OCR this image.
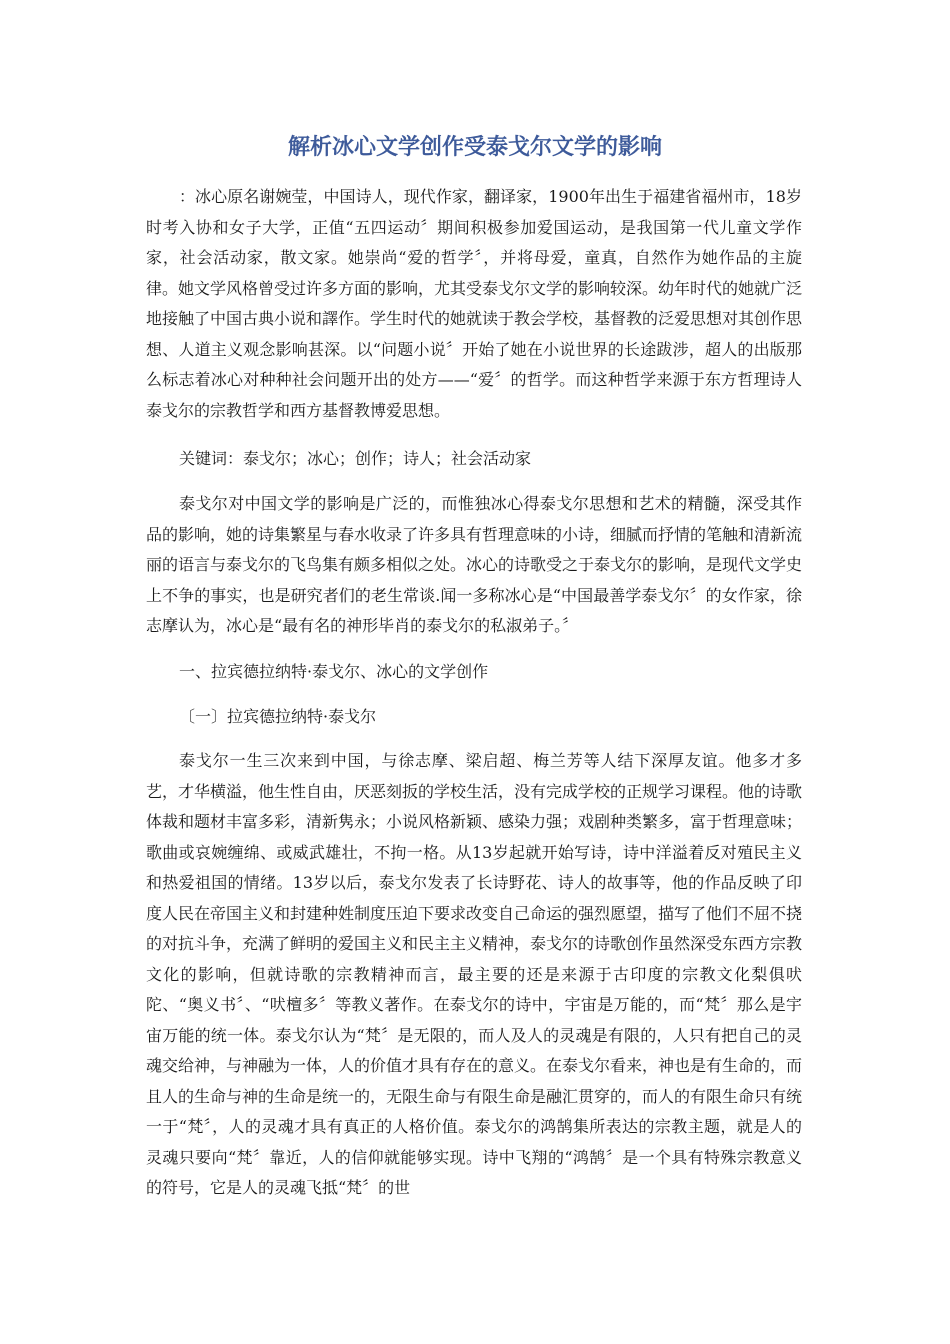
解析冰心文学创作受泰戈尔文学的影响

：冰心原名谢婉莹，中国诗人，现代作家，翻译家，1900年出生于福建省福州市，18岁时考入协和女子大学，正值“五四运动〞期间积极参加爱国运动，是我国第一代儿童文学作家，社会活动家，散文家。她崇尚“爱的哲学〞，并将母爱，童真，自然作为她作品的主旋律。她文学风格曾受过许多方面的影响，尤其受泰戈尔文学的影响较深。幼年时代的她就广泛地接触了中国古典小说和譯作。学生时代的她就读于教会学校，基督教的泛爱思想对其创作思想、人道主义观念影响甚深。以“问题小说〞开始了她在小说世界的长途跋涉，超人的出版那么标志着冰心对种种社会问题开出的处方——“爱〞的哲学。而这种哲学来源于东方哲理诗人泰戈尔的宗教哲学和西方基督教博爱思想。

关键词：泰戈尔；冰心；创作；诗人；社会活动家

泰戈尔对中国文学的影响是广泛的，而惟独冰心得泰戈尔思想和艺术的精髓，深受其作品的影响，她的诗集繁星与春水收录了许多具有哲理意味的小诗，细腻而抒情的笔触和清新流丽的语言与泰戈尔的飞鸟集有颇多相似之处。冰心的诗歌受之于泰戈尔的影响，是现代文学史上不争的事实，也是研究者们的老生常谈.闻一多称冰心是“中国最善学泰戈尔〞的女作家，徐志摩认为，冰心是“最有名的神形毕肖的泰戈尔的私淑弟子。〞

一、拉宾德拉纳特·泰戈尔、冰心的文学创作

〔一〕拉宾德拉纳特·泰戈尔

泰戈尔一生三次来到中国，与徐志摩、梁启超、梅兰芳等人结下深厚友谊。他多才多艺，才华横溢，他生性自由，厌恶刻扳的学校生活，没有完成学校的正规学习课程。他的诗歌体裁和题材丰富多彩，清新隽永；小说风格新颖、感染力强；戏剧种类繁多，富于哲理意味；歌曲或哀婉缠绵、或威武雄壮，不拘一格。从13岁起就开始写诗，诗中洋溢着反对殖民主义和热爱祖国的情绪。13岁以后，泰戈尔发表了长诗野花、诗人的故事等，他的作品反映了印度人民在帝国主义和封建种姓制度压迫下要求改变自己命运的强烈愿望，描写了他们不屈不挠的对抗斗争，充满了鲜明的爱国主义和民主主义精神，泰戈尔的诗歌创作虽然深受东西方宗教文化的影响，但就诗歌的宗教精神而言，最主要的还是来源于古印度的宗教文化梨俱吠陀、“奥义书〞、“吠檀多〞等教义著作。在泰戈尔的诗中，宇宙是万能的，而“梵〞那么是宇宙万能的统一体。泰戈尔认为“梵〞是无限的，而人及人的灵魂是有限的，人只有把自己的灵魂交给神，与神融为一体，人的价值才具有存在的意义。在泰戈尔看来，神也是有生命的，而且人的生命与神的生命是统一的，无限生命与有限生命是融汇贯穿的，而人的有限生命只有统一于“梵〞，人的灵魂才具有真正的人格价值。泰戈尔的鸿鹄集所表达的宗教主题，就是人的灵魂只要向“梵〞靠近，人的信仰就能够实现。诗中飞翔的“鸿鹄〞是一个具有特殊宗教意义的符号，它是人的灵魂飞抵“梵〞的世
